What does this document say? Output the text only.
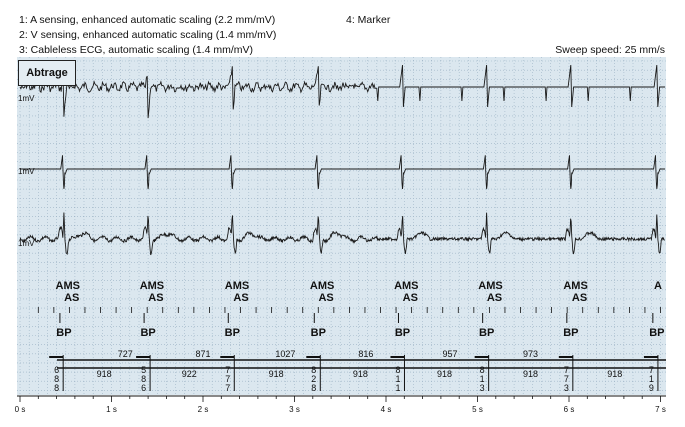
1: A sensing, enhanced automatic scaling (2.2 mm/mV)
2: V sensing, enhanced automatic scaling (1.4 mm/mV)
3: Cableless ECG, automatic scaling (1.4 mm/mV)
4: Marker
Sweep speed: 25 mm/s
1mV
1mV
1mV
AMS
AS
AMS
AS
AMS
AS
AMS
AS
AMS
AS
AMS
AS
AMS
AS
A
BP	BP	BP	BP	BP	BP	BP	BP
6
8
8
5
8
6
7
7
7
8
2
8
8
1
1
8
1
3
7
7
3
7
1
9
727	871	1027	816	957	973
918	922	918	918	918	918	918
Abtrage
0 s	1 s	2 s	3 s	4 s	5 s	6 s	7 s
